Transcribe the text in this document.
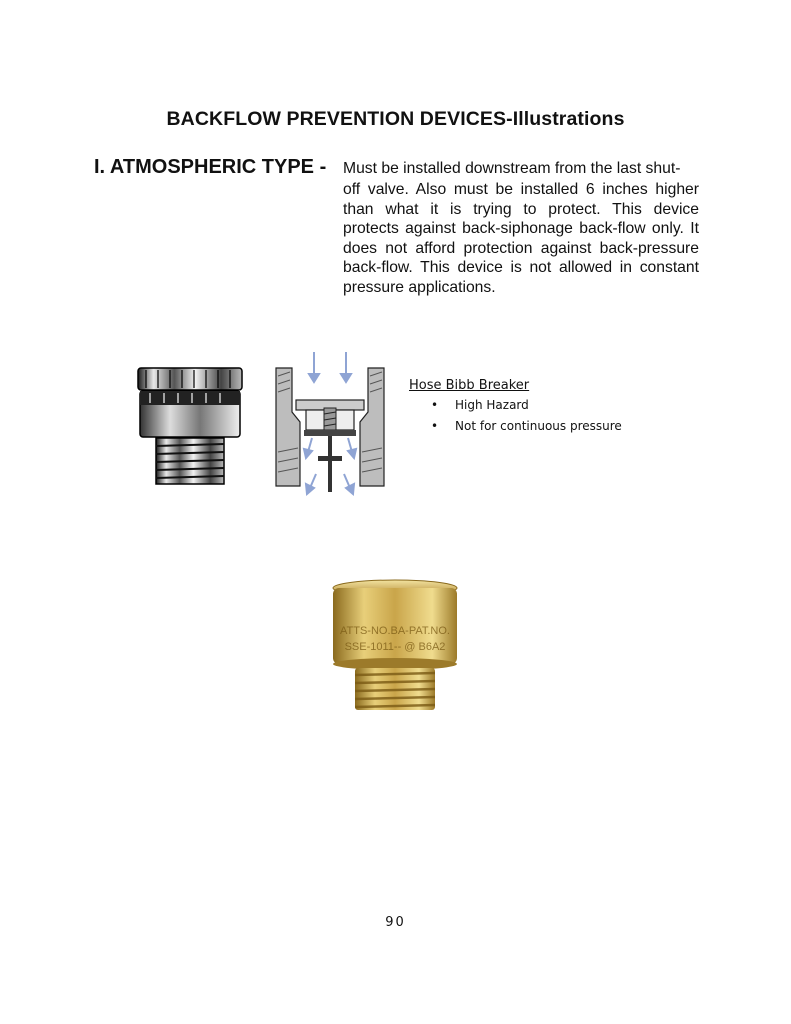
BACKFLOW PREVENTION DEVICES-Illustrations
I. ATMOSPHERIC TYPE - Must be installed downstream from the last shut-
off valve. Also must be installed 6 inches higher than what it is trying to protect. This device protects against back-siphonage back-flow only. It does not afford protection against back-pressure back-flow. This device is not allowed in constant pressure applications.
Hose Bibb Breaker
• High Hazard
• Not for continuous pressure
ATTS-NO.BA-PAT.NO.
SSE-1011-- @ B6A2
90
